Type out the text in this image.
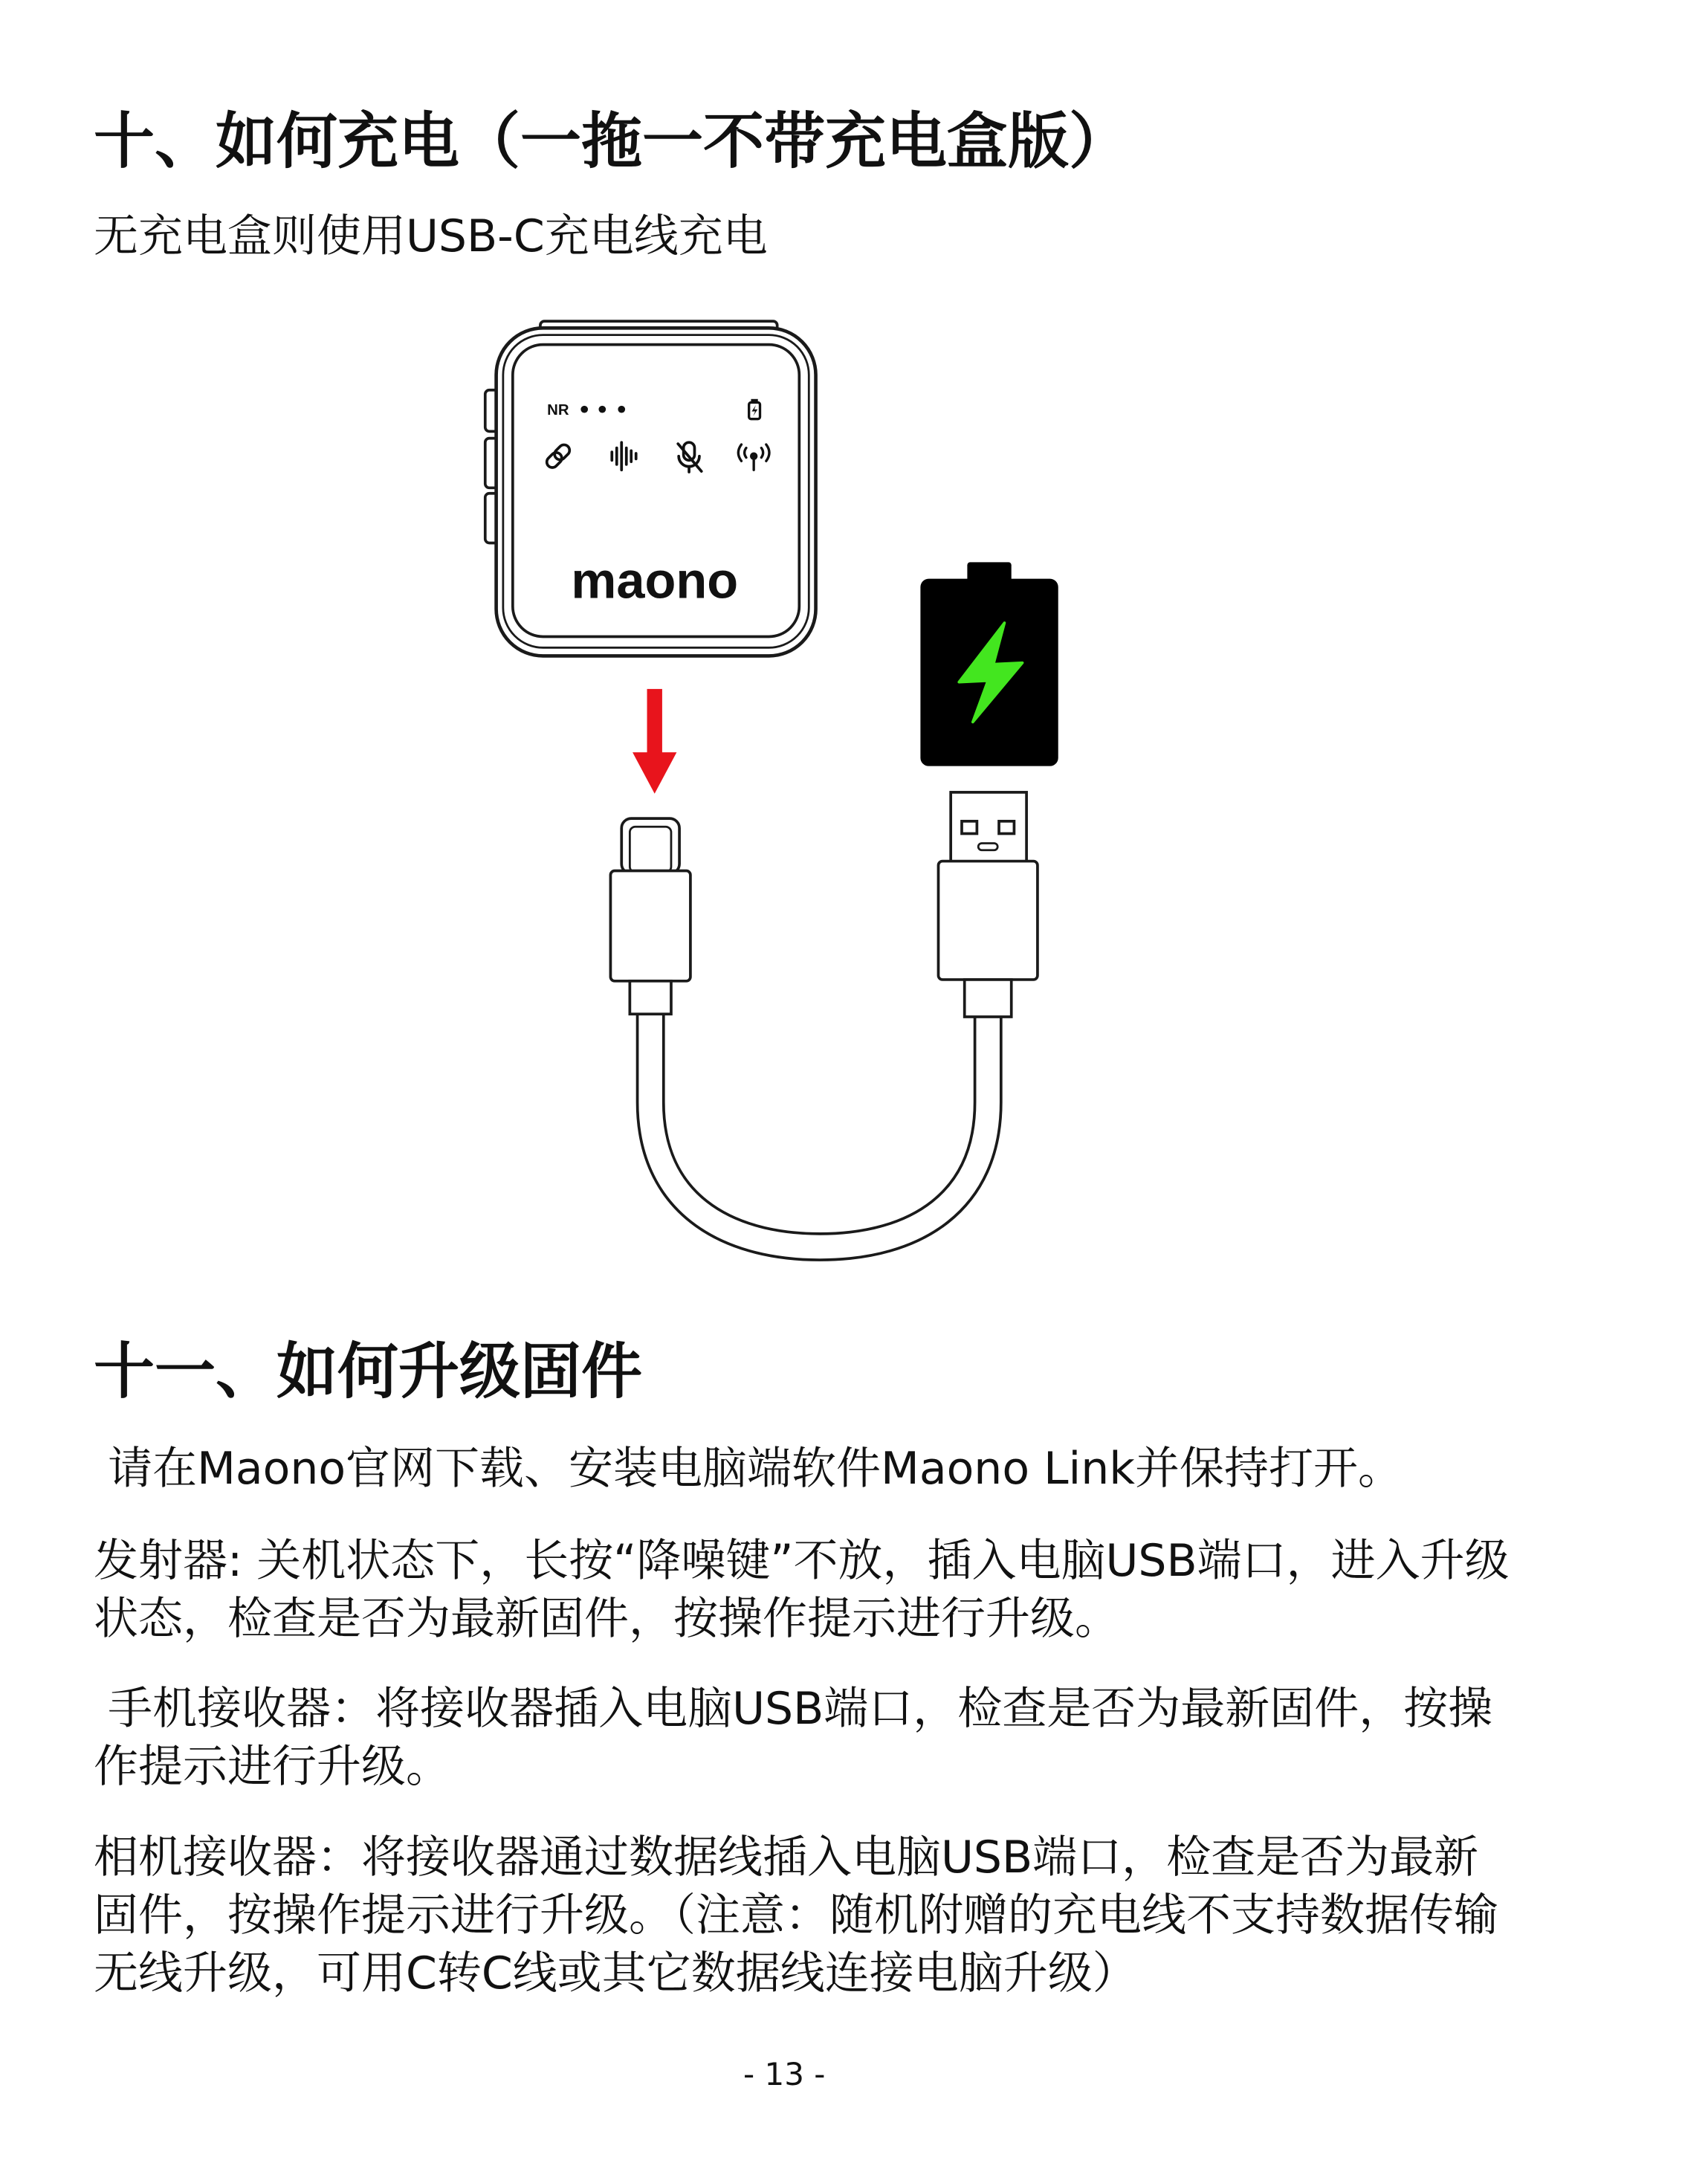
十、如何充电（一拖一不带充电盒版）
无充电盒则使用USB-C充电线充电
NR
maono
十一、如何升级固件
请在Maono官网下载、安装电脑端软件Maono Link并保持打开。
发射器: 关机状态下，长按“降噪键”不放，插入电脑USB端口，进入升级
状态，检查是否为最新固件，按操作提示进行升级。
手机接收器：将接收器插入电脑USB端口，检查是否为最新固件，按操
作提示进行升级。
相机接收器：将接收器通过数据线插入电脑USB端口，检查是否为最新
固件，按操作提示进行升级。（注意：随机附赠的充电线不支持数据传输
无线升级，可用C转C线或其它数据线连接电脑升级）
- 13 -
